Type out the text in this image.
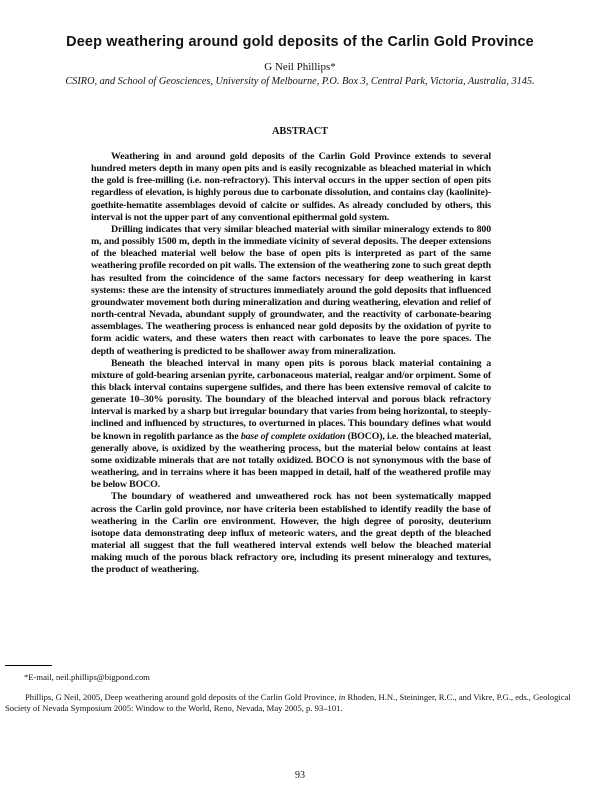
Deep weathering around gold deposits of the Carlin Gold Province
G Neil Phillips*
CSIRO, and School of Geosciences, University of Melbourne, P.O. Box 3, Central Park, Victoria, Australia, 3145.
ABSTRACT

Weathering in and around gold deposits of the Carlin Gold Province extends to several hundred meters depth in many open pits and is easily recognizable as bleached material in which the gold is free-milling (i.e. non-refractory). This interval occurs in the upper section of open pits regardless of elevation, is highly porous due to carbonate dissolution, and contains clay (kaolinite)-goethite-hematite assemblages devoid of calcite or sulfides. As already concluded by others, this interval is not the upper part of any conventional epithermal gold system.

Drilling indicates that very similar bleached material with similar mineralogy extends to 800 m, and possibly 1500 m, depth in the immediate vicinity of several deposits. The deeper extensions of the bleached material well below the base of open pits is interpreted as part of the same weathering profile recorded on pit walls. The extension of the weathering zone to such great depth has resulted from the coincidence of the same factors necessary for deep weathering in karst systems: these are the intensity of structures immediately around the gold deposits that influenced groundwater movement both during mineralization and during weathering, elevation and relief of north-central Nevada, abundant supply of groundwater, and the reactivity of carbonate-bearing assemblages. The weathering process is enhanced near gold deposits by the oxidation of pyrite to form acidic waters, and these waters then react with carbonates to leave the pore spaces. The depth of weathering is predicted to be shallower away from mineralization.

Beneath the bleached interval in many open pits is porous black material containing a mixture of gold-bearing arsenian pyrite, carbonaceous material, realgar and/or orpiment. Some of this black interval contains supergene sulfides, and there has been extensive removal of calcite to generate 10–30% porosity. The boundary of the bleached interval and porous black refractory interval is marked by a sharp but irregular boundary that varies from being horizontal, to steeply-inclined and influenced by structures, to overturned in places. This boundary defines what would be known in regolith parlance as the base of complete oxidation (BOCO), i.e. the bleached material, generally above, is oxidized by the weathering process, but the material below contains at least some oxidizable minerals that are not totally oxidized. BOCO is not synonymous with the base of weathering, and in terrains where it has been mapped in detail, half of the weathered profile may be below BOCO.

The boundary of weathered and unweathered rock has not been systematically mapped across the Carlin gold province, nor have criteria been established to identify readily the base of weathering in the Carlin ore environment. However, the high degree of porosity, deuterium isotope data demonstrating deep influx of meteoric waters, and the great depth of the bleached material all suggest that the full weathered interval extends well below the bleached material making much of the porous black refractory ore, including its present mineralogy and textures, the product of weathering.

*E-mail, neil.phillips@bigpond.com
Phillips, G Neil, 2005, Deep weathering around gold deposits of the Carlin Gold Province, in Rhoden, H.N., Steininger, R.C., and Vikre, P.G., eds., Geological Society of Nevada Symposium 2005: Window to the World, Reno, Nevada, May 2005, p. 93–101.
93
